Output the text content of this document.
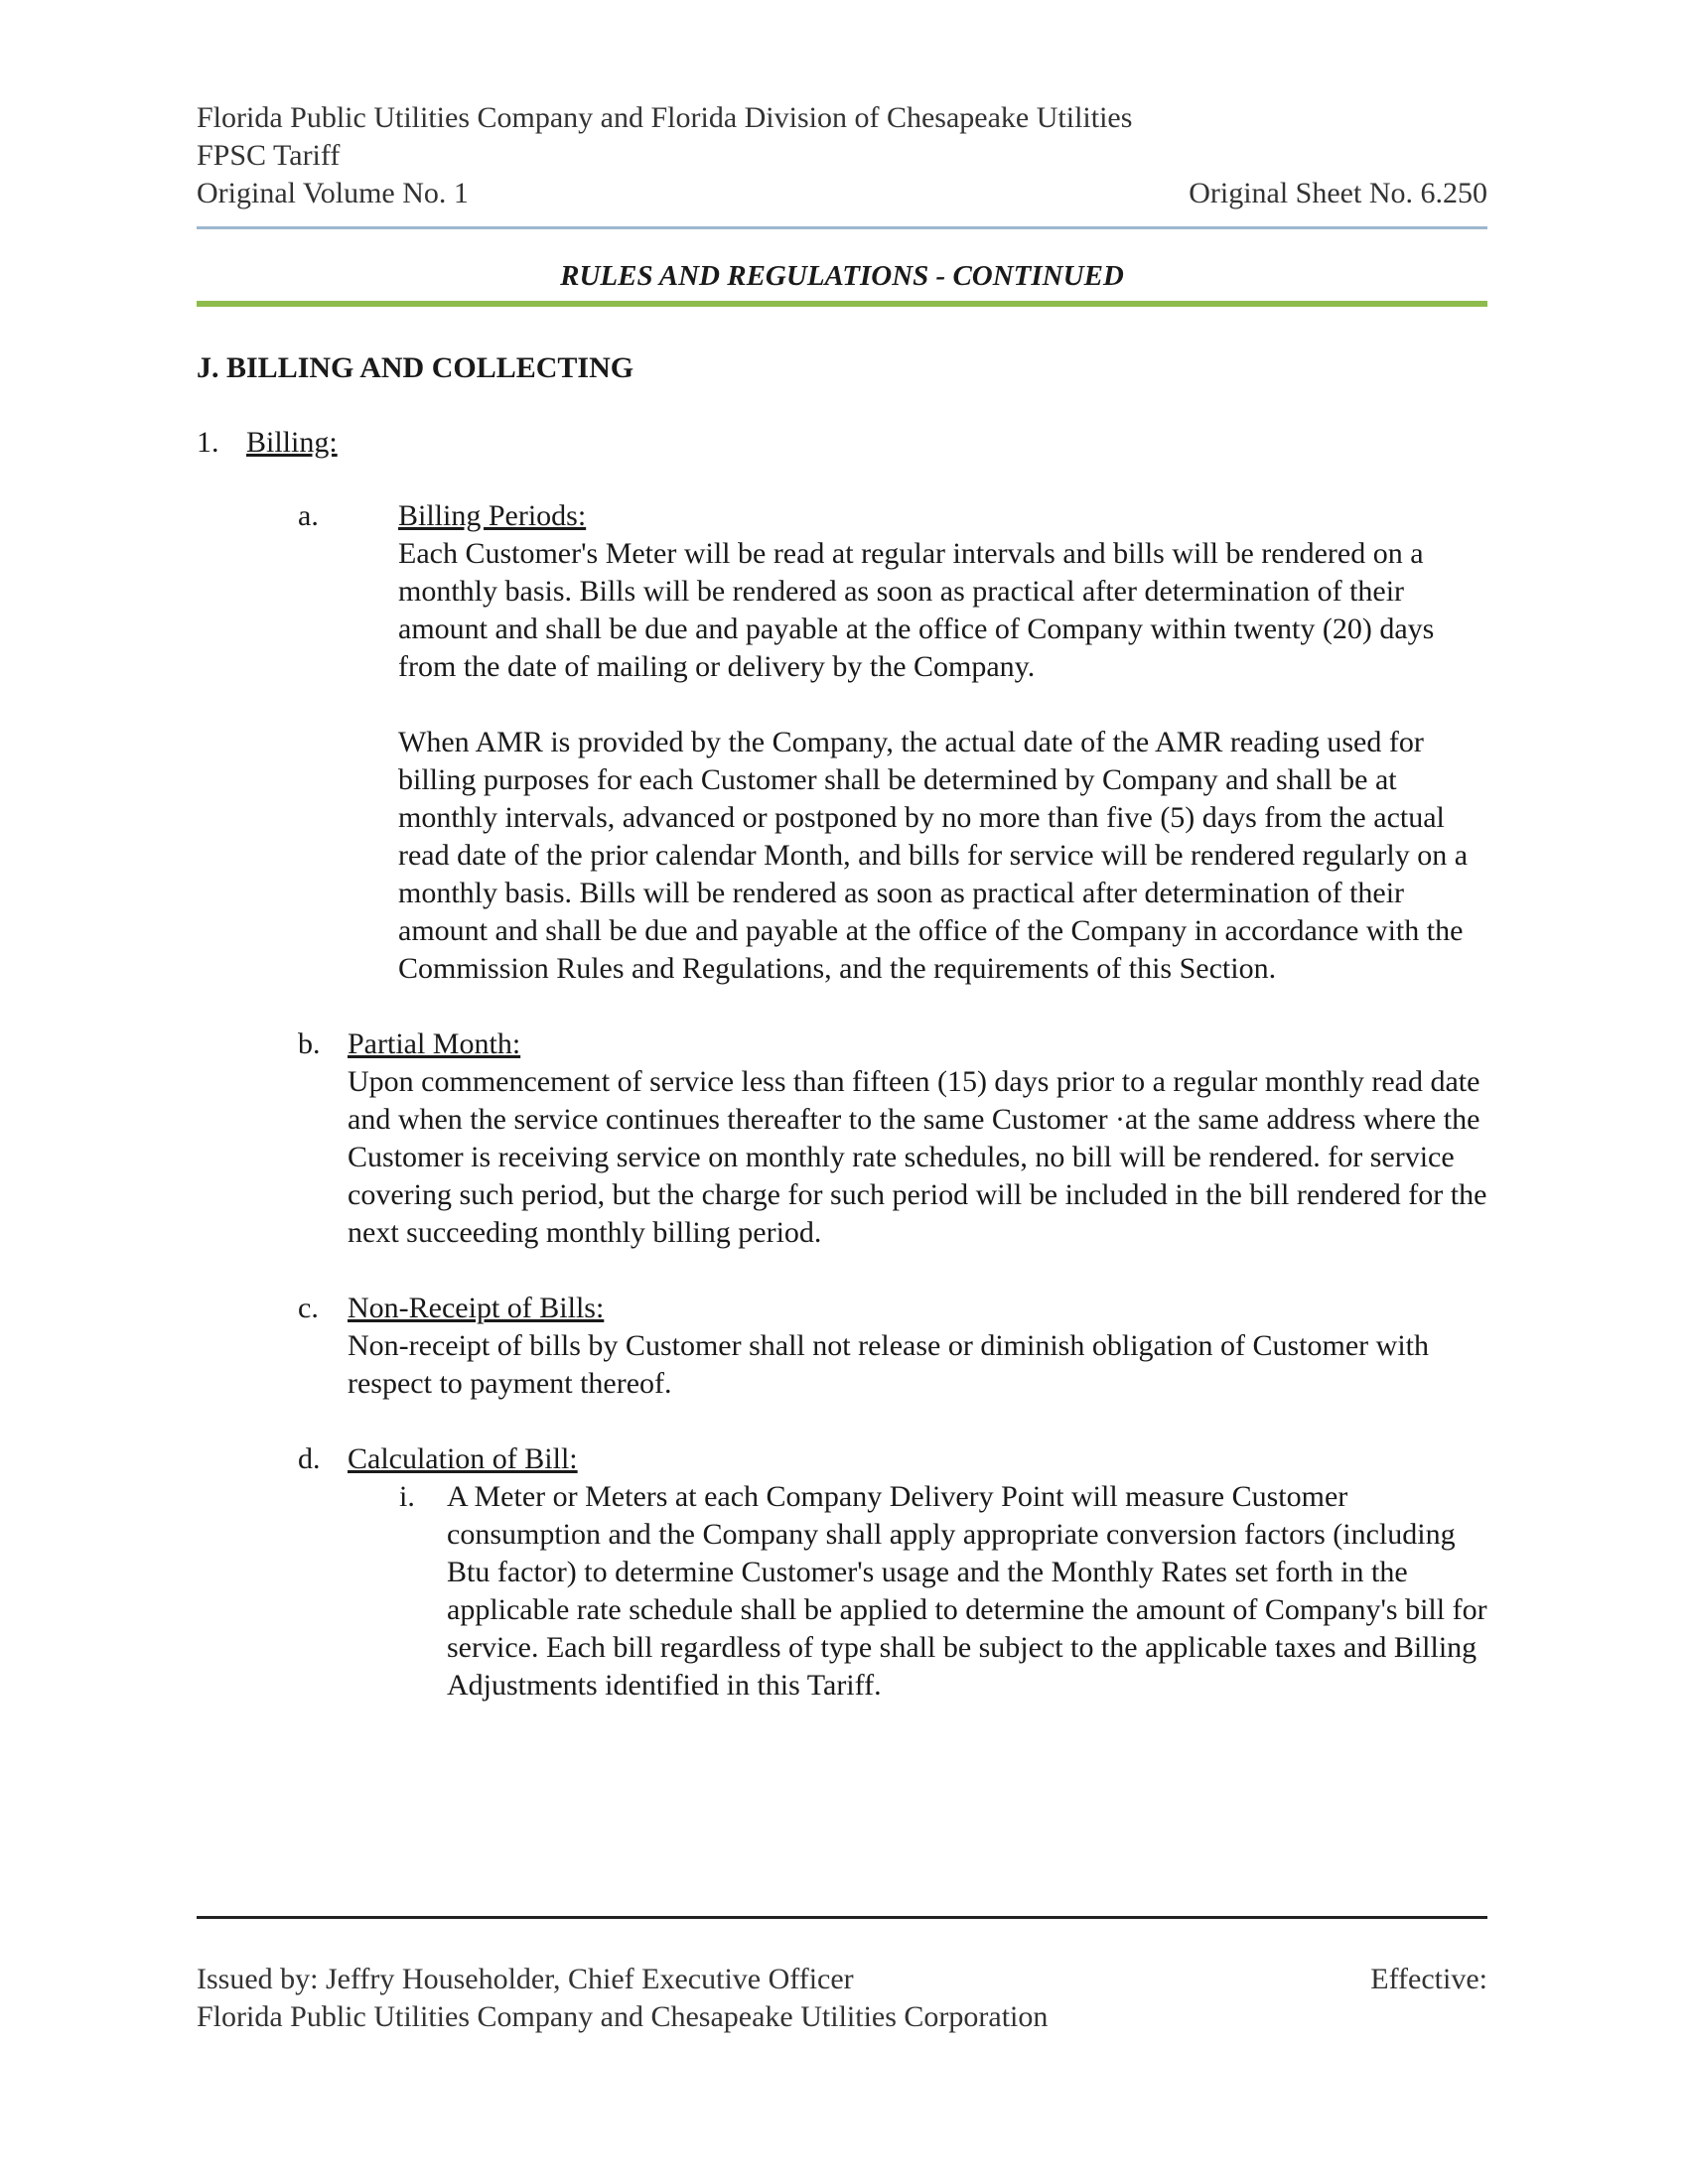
Florida Public Utilities Company and Florida Division of Chesapeake Utilities
FPSC Tariff
Original Volume No. 1	Original Sheet No. 6.250
RULES AND REGULATIONS - CONTINUED
J. BILLING AND COLLECTING
1. Billing:
a.	Billing Periods:

Each Customer's Meter will be read at regular intervals and bills will be rendered on a monthly basis. Bills will be rendered as soon as practical after determination of their amount and shall be due and payable at the office of Company within twenty (20) days from the date of mailing or delivery by the Company.

When AMR is provided by the Company, the actual date of the AMR reading used for billing purposes for each Customer shall be determined by Company and shall be at monthly intervals, advanced or postponed by no more than five (5) days from the actual read date of the prior calendar Month, and bills for service will be rendered regularly on a monthly basis. Bills will be rendered as soon as practical after determination of their amount and shall be due and payable at the office of the Company in accordance with the Commission Rules and Regulations, and the requirements of this Section.

b. Partial Month:

Upon commencement of service less than fifteen (15) days prior to a regular monthly read date and when the service continues thereafter to the same Customer ·at the same address where the Customer is receiving service on monthly rate schedules, no bill will be rendered. for service covering such period, but the charge for such period will be included in the bill rendered for the next succeeding monthly billing period.

c. Non-Receipt of Bills:

Non-receipt of bills by Customer shall not release or diminish obligation of Customer with respect to payment thereof.

d. Calculation of Bill:
i. A Meter or Meters at each Company Delivery Point will measure Customer consumption and the Company shall apply appropriate conversion factors (including Btu factor) to determine Customer's usage and the Monthly Rates set forth in the applicable rate schedule shall be applied to determine the amount of Company's bill for service. Each bill regardless of type shall be subject to the applicable taxes and Billing Adjustments identified in this Tariff.

Issued by: Jeffry Householder, Chief Executive Officer	Effective:
Florida Public Utilities Company and Chesapeake Utilities Corporation
